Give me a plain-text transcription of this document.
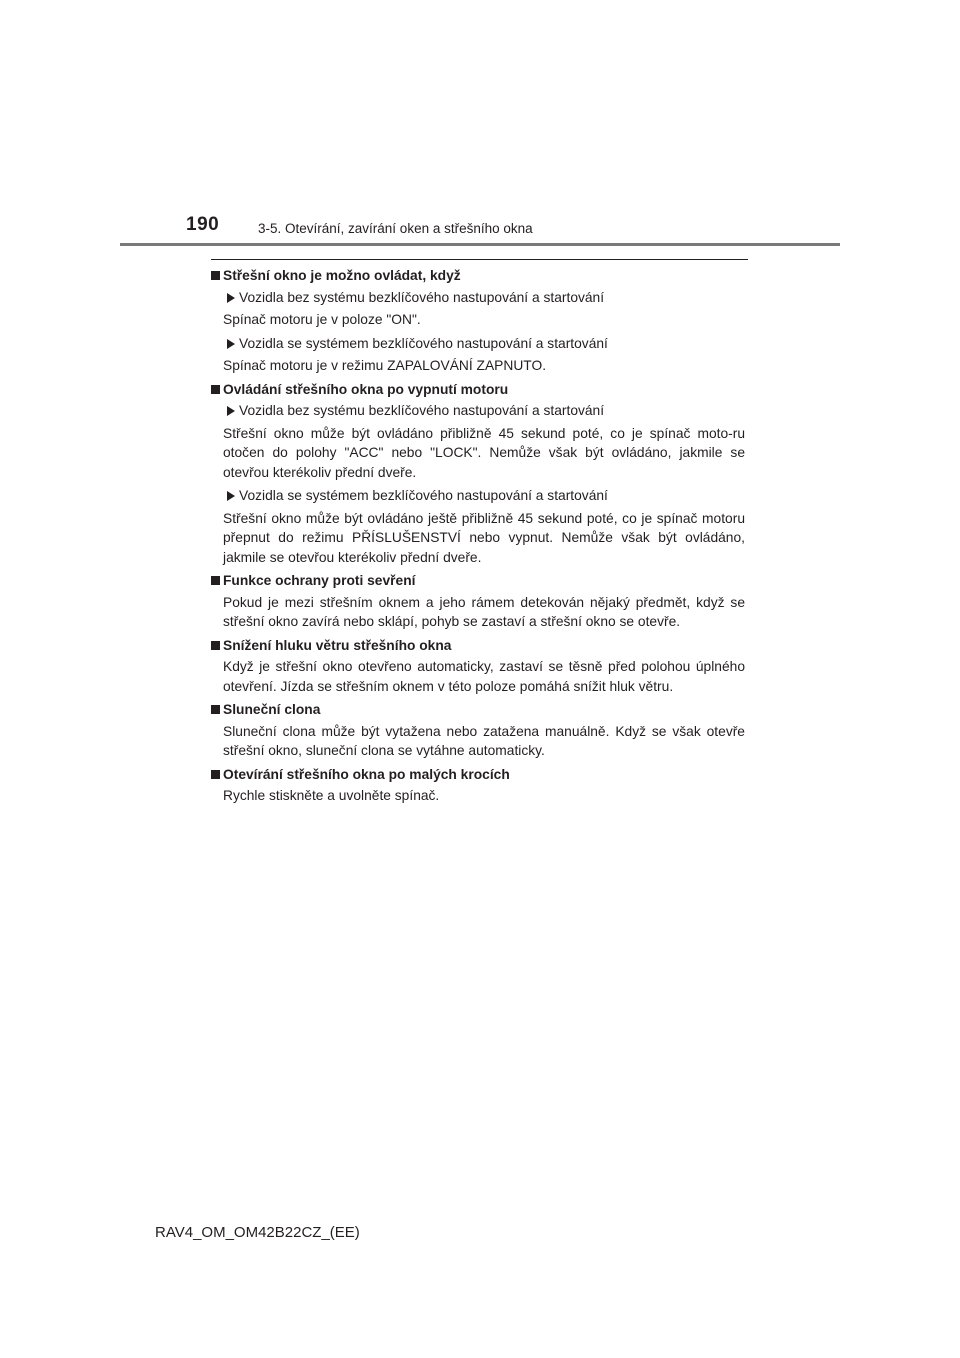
190	3-5. Otevírání, zavírání oken a střešního okna
Střešní okno je možno ovládat, když
Vozidla bez systému bezklíčového nastupování a startování
Spínač motoru je v poloze "ON".
Vozidla se systémem bezklíčového nastupování a startování
Spínač motoru je v režimu ZAPALOVÁNÍ ZAPNUTO.
Ovládání střešního okna po vypnutí motoru
Vozidla bez systému bezklíčového nastupování a startování
Střešní okno může být ovládáno přibližně 45 sekund poté, co je spínač moto-ru otočen do polohy "ACC" nebo "LOCK". Nemůže však být ovládáno, jakmile se otevřou kterékoliv přední dveře.
Vozidla se systémem bezklíčového nastupování a startování
Střešní okno může být ovládáno ještě přibližně 45 sekund poté, co je spínač motoru přepnut do režimu PŘÍSLUŠENSTVÍ nebo vypnut. Nemůže však být ovládáno, jakmile se otevřou kterékoliv přední dveře.
Funkce ochrany proti sevření
Pokud je mezi střešním oknem a jeho rámem detekován nějaký předmět, když se střešní okno zavírá nebo sklápí, pohyb se zastaví a střešní okno se otevře.
Snížení hluku větru střešního okna
Když je střešní okno otevřeno automaticky, zastaví se těsně před polohou úplného otevření. Jízda se střešním oknem v této poloze pomáhá snížit hluk větru.
Sluneční clona
Sluneční clona může být vytažena nebo zatažena manuálně. Když se však otevře střešní okno, sluneční clona se vytáhne automaticky.
Otevírání střešního okna po malých krocích
Rychle stiskněte a uvolněte spínač.
RAV4_OM_OM42B22CZ_(EE)
